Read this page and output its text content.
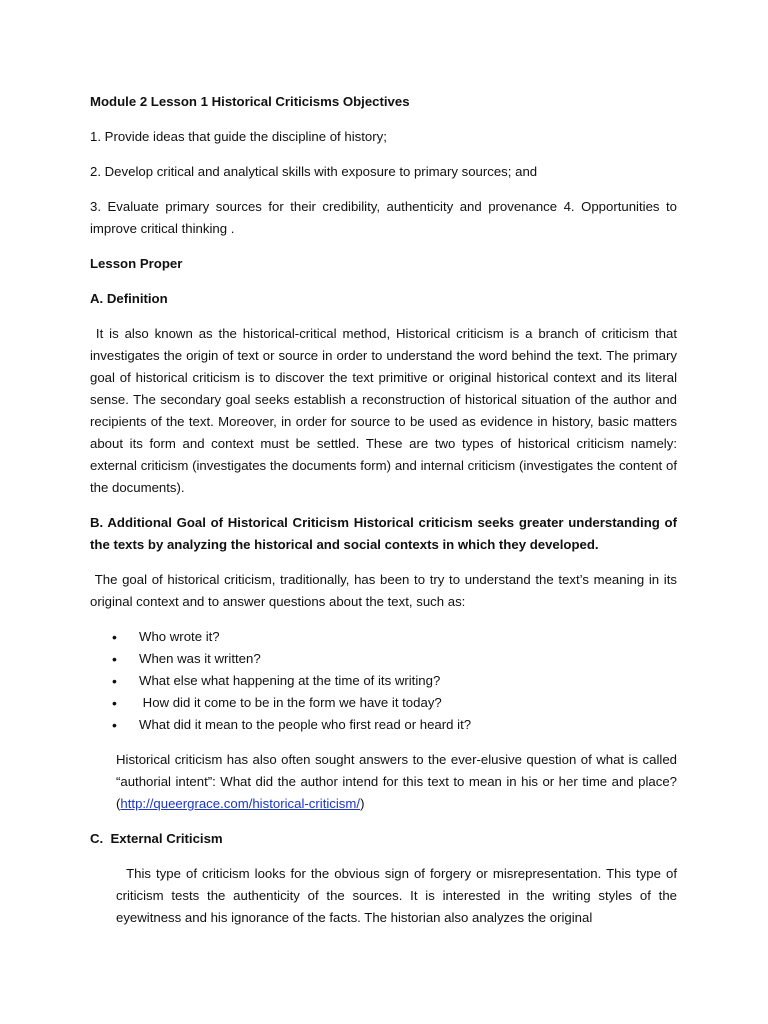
Module 2 Lesson 1 Historical Criticisms Objectives

1. Provide ideas that guide the discipline of history;

2. Develop critical and analytical skills with exposure to primary sources; and

3. Evaluate primary sources for their credibility, authenticity and provenance 4. Opportunities to improve critical thinking .

Lesson Proper

A. Definition

It is also known as the historical-critical method, Historical criticism is a branch of criticism that investigates the origin of text or source in order to understand the word behind the text. The primary goal of historical criticism is to discover the text primitive or original historical context and its literal sense. The secondary goal seeks establish a reconstruction of historical situation of the author and recipients of the text. Moreover, in order for source to be used as evidence in history, basic matters about its form and context must be settled. These are two types of historical criticism namely: external criticism (investigates the documents form) and internal criticism (investigates the content of the documents).

B. Additional Goal of Historical Criticism Historical criticism seeks greater understanding of the texts by analyzing the historical and social contexts in which they developed.

The goal of historical criticism, traditionally, has been to try to understand the text’s meaning in its original context and to answer questions about the text, such as:

• Who wrote it?
• When was it written?
• What else what happening at the time of its writing?
•  How did it come to be in the form we have it today?
• What did it mean to the people who first read or heard it?

Historical criticism has also often sought answers to the ever-elusive question of what is called “authorial intent”: What did the author intend for this text to mean in his or her time and place? (http://queergrace.com/historical-criticism/)

C.  External Criticism

This type of criticism looks for the obvious sign of forgery or misrepresentation. This type of criticism tests the authenticity of the sources. It is interested in the writing styles of the eyewitness and his ignorance of the facts. The historian also analyzes the original
